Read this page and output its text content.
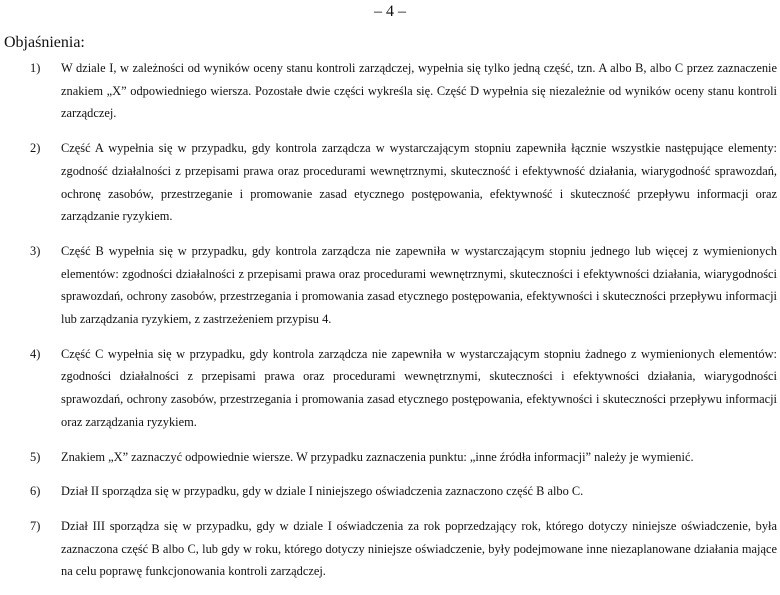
– 4 –
Objaśnienia:
1) W dziale I, w zależności od wyników oceny stanu kontroli zarządczej, wypełnia się tylko jedną część, tzn. A albo B, albo C przez zaznaczenie znakiem „X” odpowiedniego wiersza. Pozostałe dwie części wykreśla się. Część D wypełnia się niezależnie od wyników oceny stanu kontroli zarządczej.
2) Część A wypełnia się w przypadku, gdy kontrola zarządcza w wystarczającym stopniu zapewniła łącznie wszystkie następujące elementy: zgodność działalności z przepisami prawa oraz procedurami wewnętrznymi, skuteczność i efektywność działania, wiarygodność sprawozdań, ochronę zasobów, przestrzeganie i promowanie zasad etycznego postępowania, efektywność i skuteczność przepływu informacji oraz zarządzanie ryzykiem.
3) Część B wypełnia się w przypadku, gdy kontrola zarządcza nie zapewniła w wystarczającym stopniu jednego lub więcej z wymienionych elementów: zgodności działalności z przepisami prawa oraz procedurami wewnętrznymi, skuteczności i efektywności działania, wiarygodności sprawozdań, ochrony zasobów, przestrzegania i promowania zasad etycznego postępowania, efektywności i skuteczności przepływu informacji lub zarządzania ryzykiem, z zastrzeżeniem przypisu 4.
4) Część C wypełnia się w przypadku, gdy kontrola zarządcza nie zapewniła w wystarczającym stopniu żadnego z wymienionych elementów: zgodności działalności z przepisami prawa oraz procedurami wewnętrznymi, skuteczności i efektywności działania, wiarygodności sprawozdań, ochrony zasobów, przestrzegania i promowania zasad etycznego postępowania, efektywności i skuteczności przepływu informacji oraz zarządzania ryzykiem.
5) Znakiem „X” zaznaczyć odpowiednie wiersze. W przypadku zaznaczenia punktu: „inne źródła informacji” należy je wymienić.
6) Dział II sporządza się w przypadku, gdy w dziale I niniejszego oświadczenia zaznaczono część B albo C.
7) Dział III sporządza się w przypadku, gdy w dziale I oświadczenia za rok poprzedzający rok, którego dotyczy niniejsze oświadczenie, była zaznaczona część B albo C, lub gdy w roku, którego dotyczy niniejsze oświadczenie, były podejmowane inne niezaplanowane działania mające na celu poprawę funkcjonowania kontroli zarządczej.
